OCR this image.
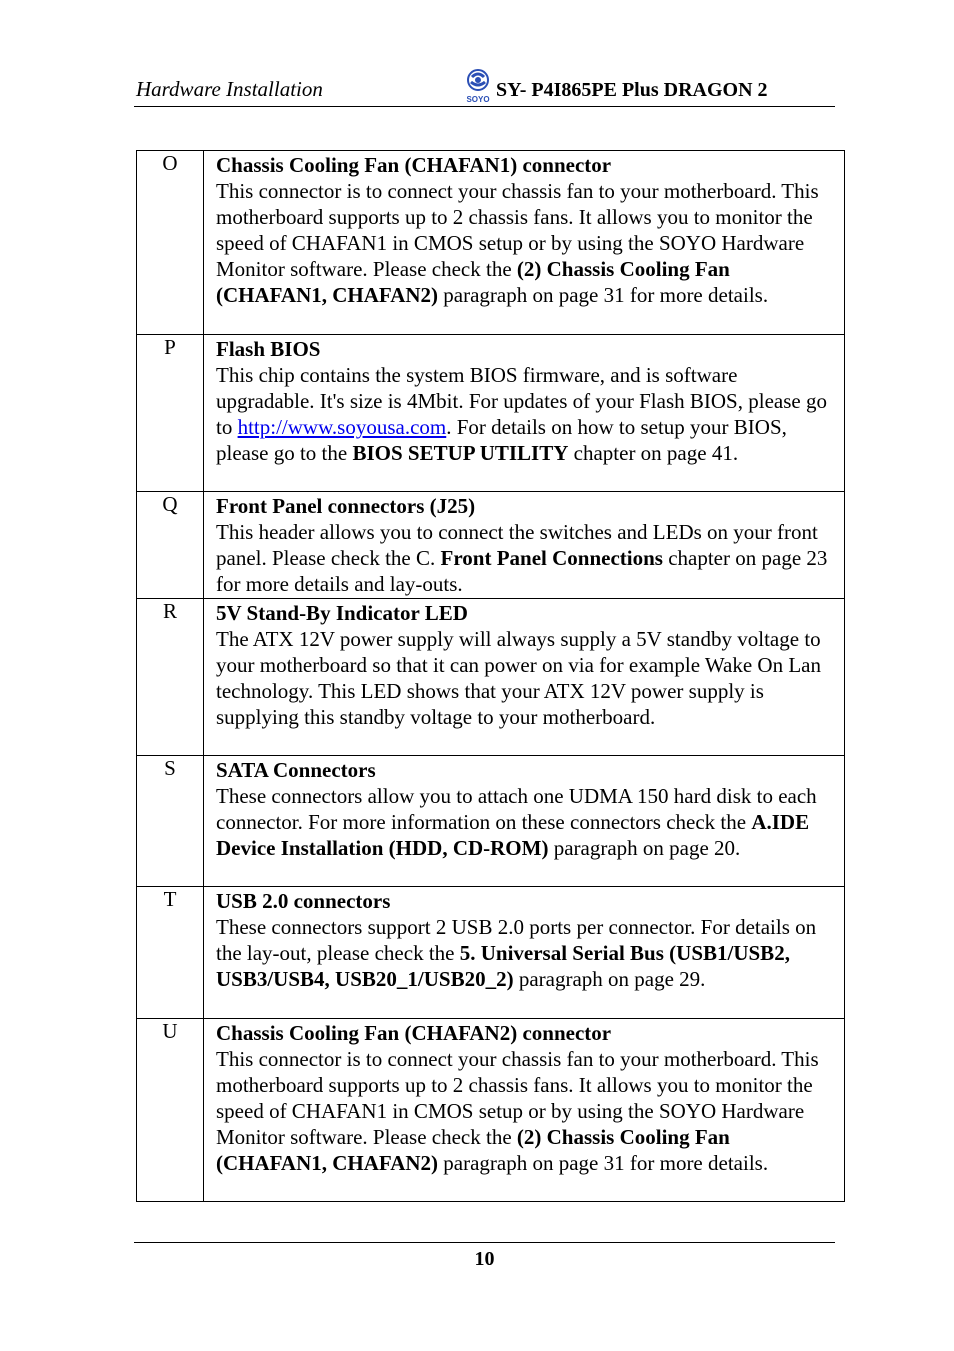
Hardware Installation	SOYO SY- P4I865PE Plus DRAGON 2
O	Chassis Cooling Fan (CHAFAN1) connector
This connector is to connect your chassis fan to your motherboard. This motherboard supports up to 2 chassis fans. It allows you to monitor the speed of CHAFAN1 in CMOS setup or by using the SOYO Hardware Monitor software. Please check the (2) Chassis Cooling Fan (CHAFAN1, CHAFAN2) paragraph on page 31 for more details.
P	Flash BIOS
This chip contains the system BIOS firmware, and is software upgradable. It's size is 4Mbit. For updates of your Flash BIOS, please go to http://www.soyousa.com. For details on how to setup your BIOS, please go to the BIOS SETUP UTILITY chapter on page 41.
Q	Front Panel connectors (J25)
This header allows you to connect the switches and LEDs on your front panel. Please check the C. Front Panel Connections chapter on page 23 for more details and lay-outs.
R	5V Stand-By Indicator LED
The ATX 12V power supply will always supply a 5V standby voltage to your motherboard so that it can power on via for example Wake On Lan technology. This LED shows that your ATX 12V power supply is supplying this standby voltage to your motherboard.
S	SATA Connectors
These connectors allow you to attach one UDMA 150 hard disk to each connector. For more information on these connectors check the A.IDE Device Installation (HDD, CD-ROM) paragraph on page 20.
T	USB 2.0 connectors
These connectors support 2 USB 2.0 ports per connector. For details on the lay-out, please check the 5. Universal Serial Bus (USB1/USB2, USB3/USB4, USB20_1/USB20_2) paragraph on page 29.
U	Chassis Cooling Fan (CHAFAN2) connector
This connector is to connect your chassis fan to your motherboard. This motherboard supports up to 2 chassis fans. It allows you to monitor the speed of CHAFAN1 in CMOS setup or by using the SOYO Hardware Monitor software. Please check the (2) Chassis Cooling Fan (CHAFAN1, CHAFAN2) paragraph on page 31 for more details.
10
